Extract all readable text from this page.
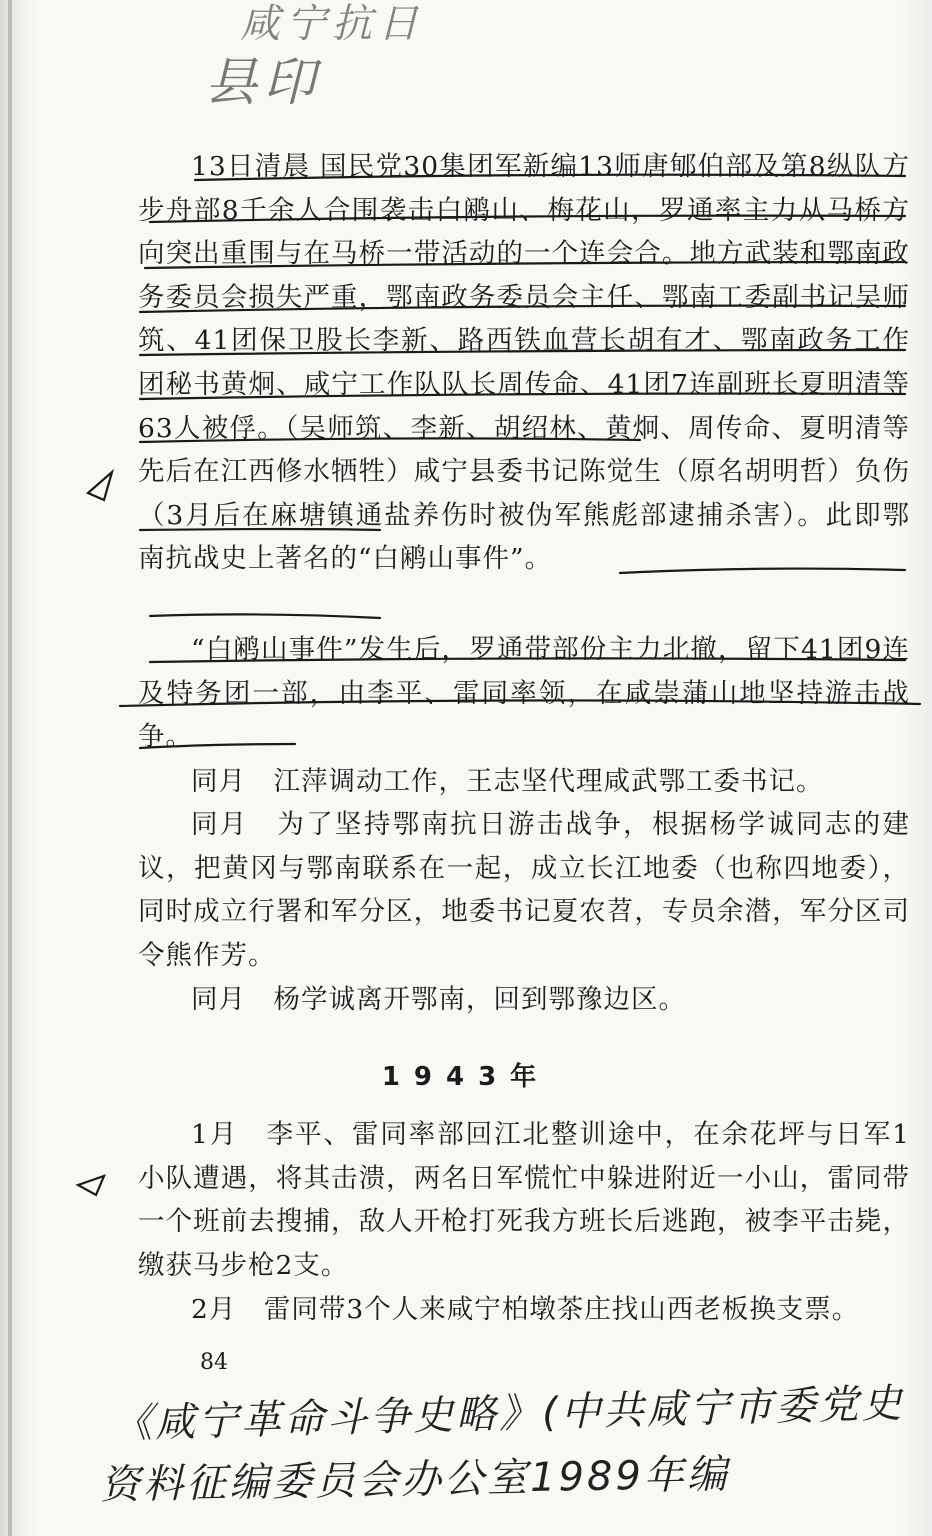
咸宁抗日
县印

13日清晨 国民党30集团军新编13师唐郇伯部及第8纵队方步舟部8千余人合围袭击白鹇山、梅花山，罗通率主力从马桥方向突出重围与在马桥一带活动的一个连会合。地方武装和鄂南政务委员会损失严重，鄂南政务委员会主任、鄂南工委副书记吴师筑、41团保卫股长李新、路西铁血营长胡有才、鄂南政务工作团秘书黄炯、咸宁工作队队长周传命、41团7连副班长夏明清等63人被俘。（吴师筑、李新、胡绍林、黄炯、周传命、夏明清等先后在江西修水牺牲）咸宁县委书记陈觉生（原名胡明哲）负伤（3月后在麻塘镇通盐养伤时被伪军熊彪部逮捕杀害）。此即鄂南抗战史上著名的“白鹇山事件”。

“白鹇山事件”发生后，罗通带部份主力北撤，留下41团9连及特务团一部，由李平、雷同率领，在咸崇蒲山地坚持游击战争。

同月　江萍调动工作，王志坚代理咸武鄂工委书记。

同月　为了坚持鄂南抗日游击战争，根据杨学诚同志的建议，把黄冈与鄂南联系在一起，成立长江地委（也称四地委），同时成立行署和军分区，地委书记夏农苕，专员余潜，军分区司令熊作芳。

同月　杨学诚离开鄂南，回到鄂豫边区。

1943年

1月　李平、雷同率部回江北整训途中，在余花坪与日军1小队遭遇，将其击溃，两名日军慌忙中躲进附近一小山，雷同带一个班前去搜捕，敌人开枪打死我方班长后逃跑，被李平击毙，缴获马步枪2支。

2月　雷同带3个人来咸宁柏墩茶庄找山西老板换支票。

84
《咸宁革命斗争史略》(中共咸宁市委党史
资料征编委员会办公室1989年编
